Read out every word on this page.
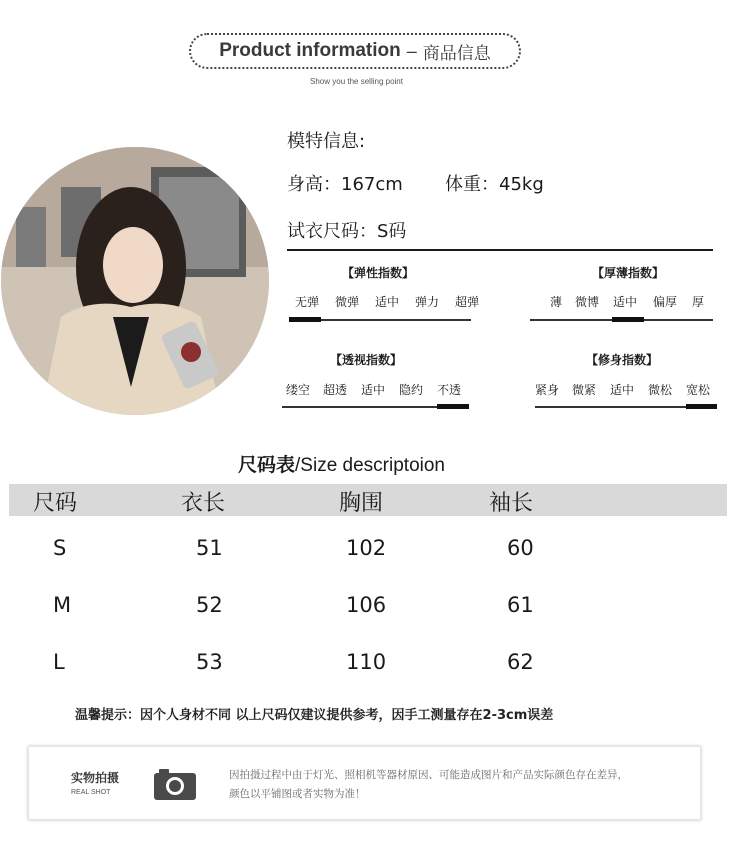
Product information – 商品信息
Show you the selling point
模特信息:
身高：167cm 体重：45kg
试衣尺码：S码
【弹性指数】
无弹	微弹	适中	弹力	超弹
【厚薄指数】
薄	微博	适中	偏厚	厚
【透视指数】
缕空	超透	适中	隐约	不透
【修身指数】
紧身	微紧	适中	微松	宽松
尺码表/Size descriptoion
尺码	衣长	胸围	袖长
S	51	102	60
M	52	106	61
L	53	110	62
温馨提示：因个人身材不同 以上尺码仅建议提供参考，因手工测量存在2-3cm误差
实物拍摄
REAL SHOT
因拍摄过程中由于灯光、照相机等器材原因、可能造成图片和产品实际颜色存在差异，
颜色以平铺图或者实物为准！
